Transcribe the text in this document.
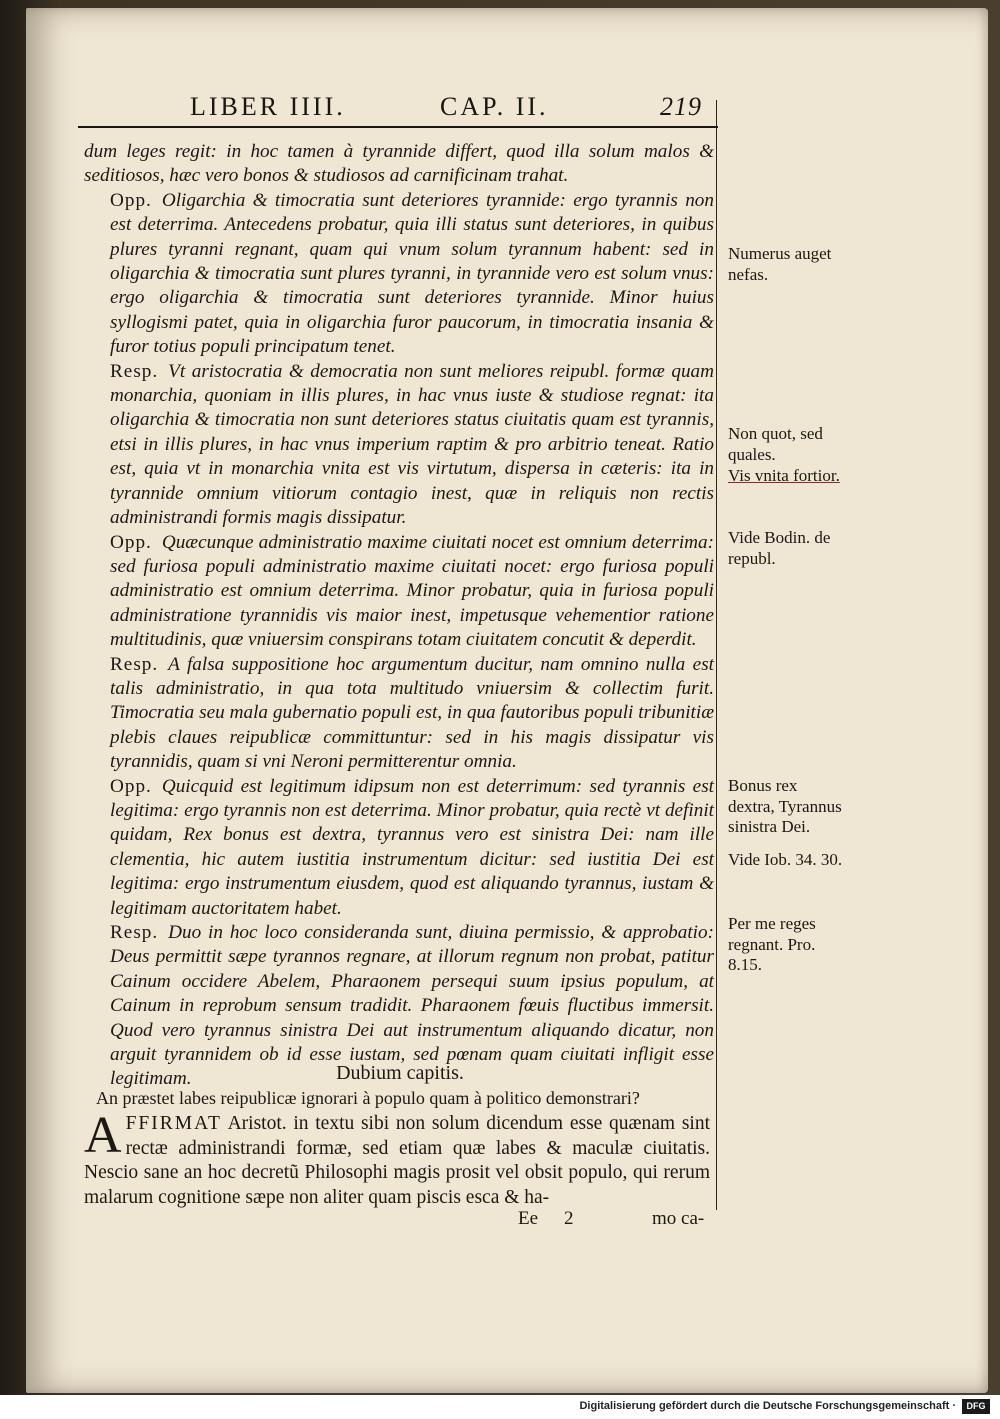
LIBER IIII.	CAP. II.	219

dum leges regit: in hoc tamen à tyrannide differt, quod illa solum malos & seditiosos, hæc vero bonos & studiosos ad carnificinam trahat.

Opp. Oligarchia & timocratia sunt deteriores tyrannide: ergo tyrannis non est deterrima. Antecedens probatur, quia illi status sunt deteriores, in quibus plures tyranni regnant, quam qui vnum solum tyrannum habent: sed in oligarchia & timocratia sunt plures tyranni, in tyrannide vero est solum vnus: ergo oligarchia & timocratia sunt deteriores tyrannide. Minor huius syllogismi patet, quia in oligarchia furor paucorum, in timocratia insania & furor totius populi principatum tenet.

Resp. Vt aristocratia & democratia non sunt meliores reipubl. formæ quam monarchia, quoniam in illis plures, in hac vnus iuste & studiose regnat: ita oligarchia & timocratia non sunt deteriores status ciuitatis quam est tyrannis, etsi in illis plures, in hac vnus imperium raptim & pro arbitrio teneat. Ratio est, quia vt in monarchia vnita est vis virtutum, dispersa in cæteris: ita in tyrannide omnium vitiorum contagio inest, quæ in reliquis non rectis administrandi formis magis dissipatur.

Opp. Quæcunque administratio maxime ciuitati nocet est omnium deterrima: sed furiosa populi administratio maxime ciuitati nocet: ergo furiosa populi administratio est omnium deterrima. Minor probatur, quia in furiosa populi administratione tyrannidis vis maior inest, impetusque vehementior ratione multitudinis, quæ vniuersim conspirans totam ciuitatem concutit & deperdit.

Resp. A falsa suppositione hoc argumentum ducitur, nam omnino nulla est talis administratio, in qua tota multitudo vniuersim & collectim furit. Timocratia seu mala gubernatio populi est, in qua fautoribus populi tribunitiæ plebis claues reipublicæ committuntur: sed in his magis dissipatur vis tyrannidis, quam si vni Neroni permitterentur omnia.

Opp. Quicquid est legitimum idipsum non est deterrimum: sed tyrannis est legitima: ergo tyrannis non est deterrima. Minor probatur, quia rectè vt definit quidam, Rex bonus est dextra, tyrannus vero est sinistra Dei: nam ille clementia, hic autem iustitia instrumentum dicitur: sed iustitia Dei est legitima: ergo instrumentum eiusdem, quod est aliquando tyrannus, iustam & legitimam auctoritatem habet.

Resp. Duo in hoc loco consideranda sunt, diuina permissio, & approbatio: Deus permittit sæpe tyrannos regnare, at illorum regnum non probat, patitur Cainum occidere Abelem, Pharaonem persequi suum ipsius populum, at Cainum in reprobum sensum tradidit. Pharaonem fœuis fluctibus immersit. Quod vero tyrannus sinistra Dei aut instrumentum aliquando dicatur, non arguit tyrannidem ob id esse iustam, sed pœnam quam ciuitati infligit esse legitimam.	Dubium capitis.
An præstet labes reipublicæ ignorari à populo quam à politico demonstrari?
AFFIRMAT Aristot. in textu sibi non solum dicendum esse quænam sint rectæ administrandi formæ, sed etiam quæ labes & maculæ ciuitatis. Nescio sane an hoc decretũ Philosophi magis prosit vel obsit populo, qui rerum malarum cognitione sæpe non aliter quam piscis esca & ha-
Ee 2	mo ca-
Numerus auget nefas.
Non quot, sed quales.
Vis vnita fortior.
Vide Bodin. de republ.
Bonus rex dextra, Tyrannus sinistra Dei.
Vide Iob. 34. 30.
Per me reges regnant. Pro. 8.15.
Digitalisierung gefördert durch die Deutsche Forschungsgemeinschaft ·	DFG
